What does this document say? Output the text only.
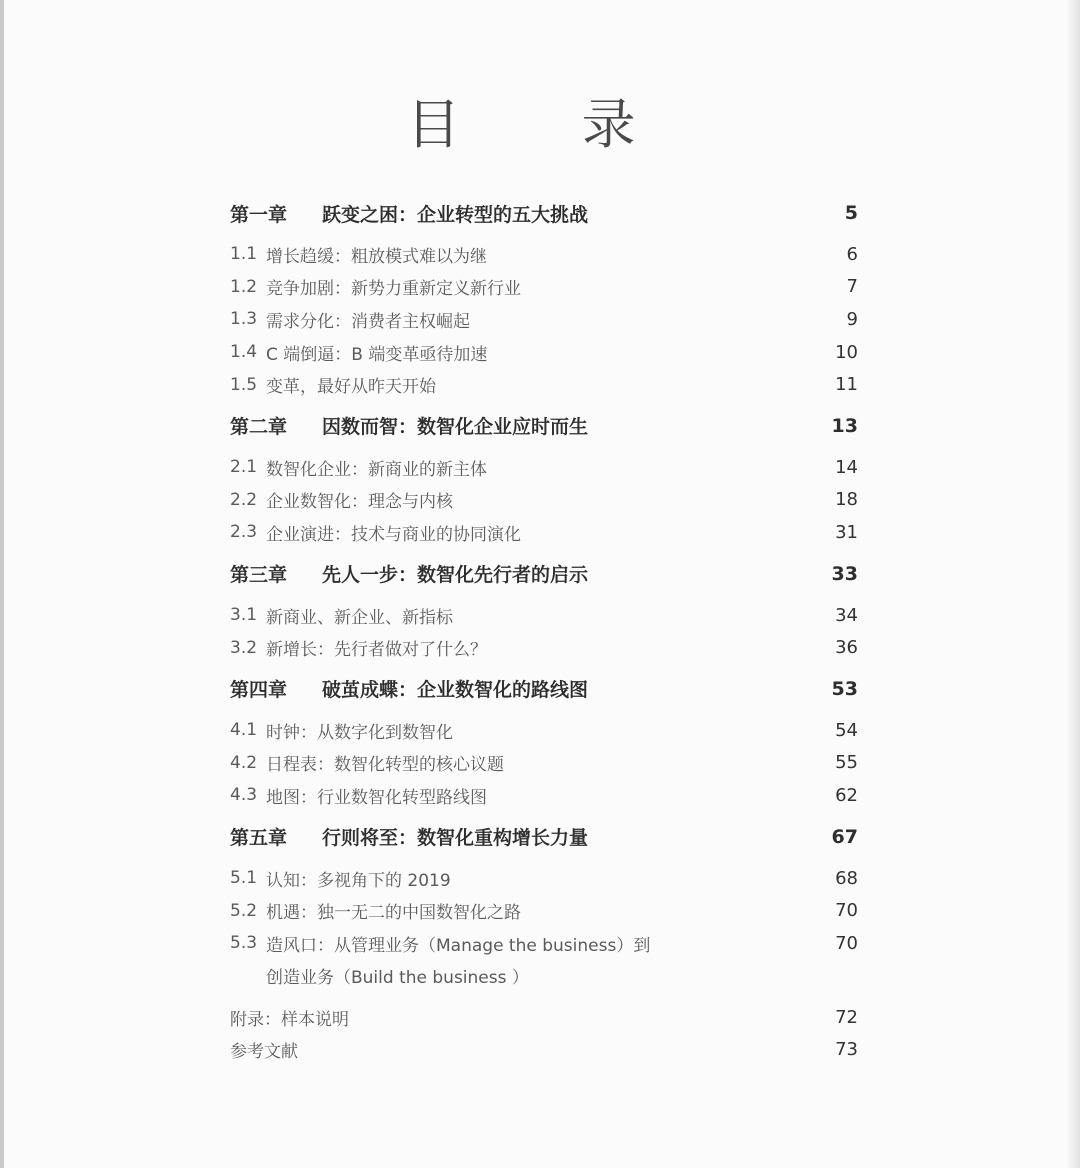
目 录
第一章	跃变之困：企业转型的五大挑战	5
1.1 增长趋缓：粗放模式难以为继	6
1.2 竞争加剧：新势力重新定义新行业	7
1.3 需求分化：消费者主权崛起	9
1.4 C 端倒逼：B 端变革亟待加速	10
1.5 变革，最好从昨天开始	11
第二章	因数而智：数智化企业应时而生	13
2.1 数智化企业：新商业的新主体	14
2.2 企业数智化：理念与内核	18
2.3 企业演进：技术与商业的协同演化	31
第三章	先人一步：数智化先行者的启示	33
3.1 新商业、新企业、新指标	34
3.2 新增长：先行者做对了什么？	36
第四章	破茧成蝶：企业数智化的路线图	53
4.1 时钟：从数字化到数智化	54
4.2 日程表：数智化转型的核心议题	55
4.3 地图：行业数智化转型路线图	62
第五章	行则将至：数智化重构增长力量	67
5.1 认知：多视角下的 2019	68
5.2 机遇：独一无二的中国数智化之路	70
5.3 造风口：从管理业务（Manage the business）到	70
创造业务（Build the business ）
附录：样本说明	72
参考文献	73
